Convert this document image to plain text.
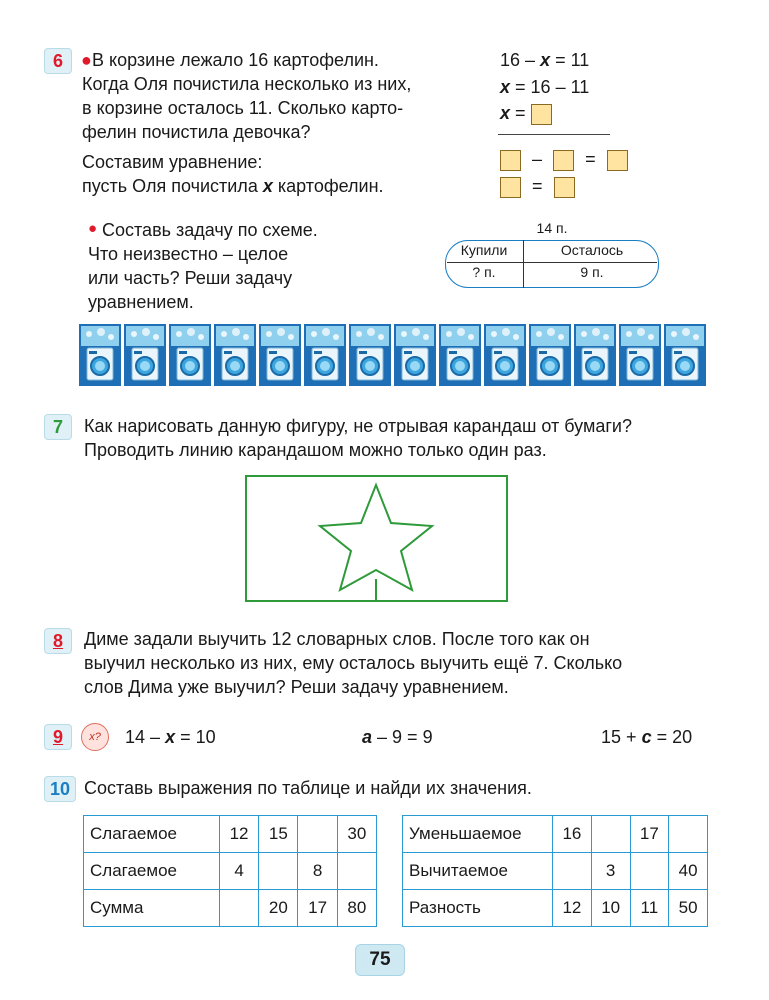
6	● В корзине лежало 16 картофелин.
Когда Оля почистила несколько из них,
в корзине осталось 11. Сколько карто-
фелин почистила девочка?
Составим уравнение:
пусть Оля почистила x картофелин.
16 – x = 11
x = 16 – 11
x =
– =
=
● Составь задачу по схеме.
Что неизвестно – целое
или часть? Реши задачу
уравнением.
14 п.
Купили	Осталось
? п.	9 п.
7	Как нарисовать данную фигуру, не отрывая карандаш от бумаги?
Проводить линию карандашом можно только один раз.
8	Диме задали выучить 12 словарных слов. После того как он
выучил несколько из них, ему осталось выучить ещё 7. Сколько
слов Дима уже выучил? Реши задачу уравнением.
9	x?	14 – x = 10	a – 9 = 9	15 + c = 20
10 Составь выражения по таблице и найди их значения.
Слагаемое	12	15		30
Слагаемое	4		8	
Сумма		20	17	80
Уменьшаемое	16		17	
Вычитаемое		3		40
Разность	12	10	11	50
75
